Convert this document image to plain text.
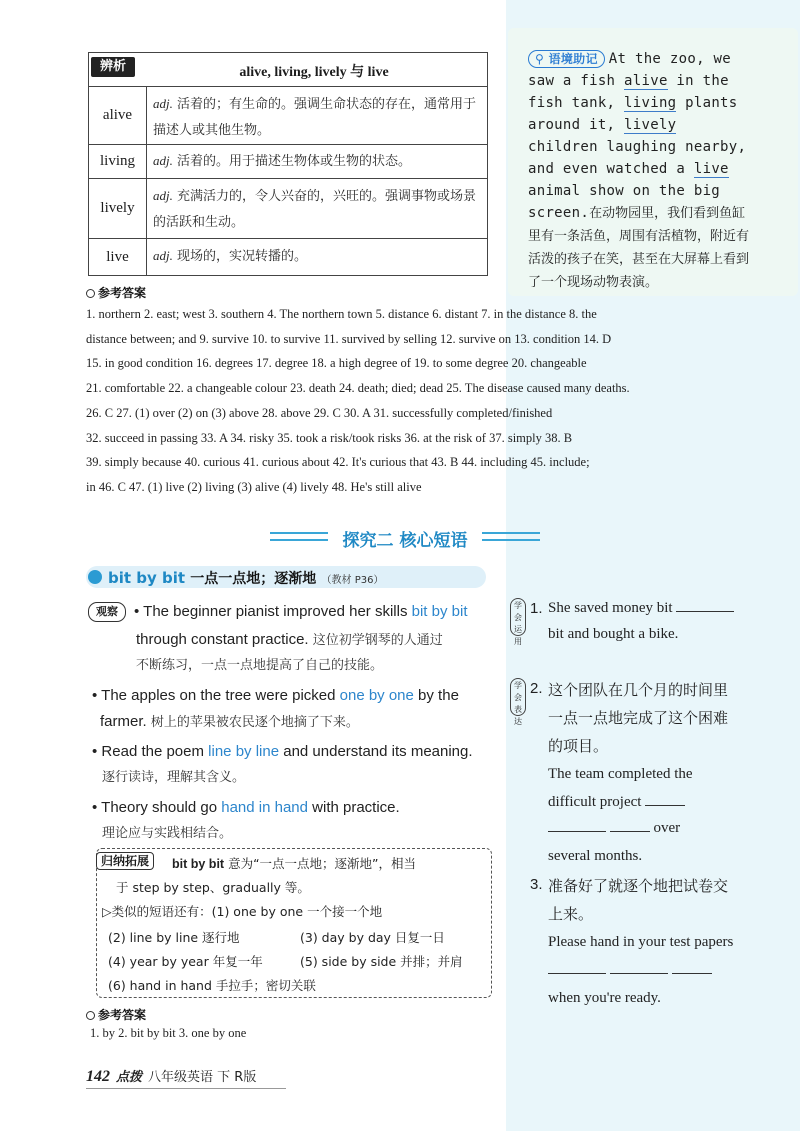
辨析	alive, living, lively 与 live
alive
adj. 活着的；有生命的。强调生命状态的存在，通常用于描述人或其他生物。
living	adj. 活着的。用于描述生物体或生物的状态。
lively
adj. 充满活力的，令人兴奋的，兴旺的。强调事物或场景的活跃和生动。
live	adj. 现场的，实况转播的。
⚲ 语境助记 At the zoo, we saw a fish alive in the fish tank, living plants around it, lively children laughing nearby, and even watched a live animal show on the big screen.在动物园里，我们看到鱼缸里有一条活鱼，周围有活植物，附近有活泼的孩子在笑，甚至在大屏幕上看到了一个现场动物表演。
参考答案
1. northern 2. east; west 3. southern 4. The northern town 5. distance 6. distant 7. in the distance 8. the
distance between; and 9. survive 10. to survive 11. survived by selling 12. survive on 13. condition 14. D
15. in good condition 16. degrees 17. degree 18. a high degree of 19. to some degree 20. changeable
21. comfortable 22. a changeable colour 23. death 24. death; died; dead 25. The disease caused many deaths.
26. C 27. (1) over (2) on (3) above 28. above 29. C 30. A 31. successfully completed/finished
32. succeed in passing 33. A 34. risky 35. took a risk/took risks 36. at the risk of 37. simply 38. B
39. simply because 40. curious 41. curious about 42. It's curious that 43. B 44. including 45. include;
in 46. C 47. (1) live (2) living (3) alive (4) lively 48. He's still alive
探究二 核心短语
bit by bit 一点一点地；逐渐地 （教材 P36）
观察	• The beginner pianist improved her skills bit by bit
through constant practice. 这位初学钢琴的人通过
不断练习，一点一点地提高了自己的技能。
• The apples on the tree were picked one by one by the
farmer. 树上的苹果被农民逐个地摘了下来。
• Read the poem line by line and understand its meaning.
逐行读诗，理解其含义。
• Theory should go hand in hand with practice.
理论应与实践相结合。
归纳拓展	bit by bit 意为“一点一点地；逐渐地”，相当
于 step by step、gradually 等。
▷类似的短语还有：(1) one by one 一个接一个地
(2) line by line 逐行地	(3) day by day 日复一日
(4) year by year 年复一年	(5) side by side 并排；并肩
(6) hand in hand 手拉手；密切关联
参考答案
1. by 2. bit by bit 3. one by one
142 点拨 八年级英语 下 R版
学会运用
1. She saved money bit
bit and bought a bike.
学会表达
2. 这个团队在几个月的时间里
一点一点地完成了这个困难
的项目。
The team completed the
difficult project
over
several months.
3. 准备好了就逐个地把试卷交
上来。
Please hand in your test papers

when you're ready.
